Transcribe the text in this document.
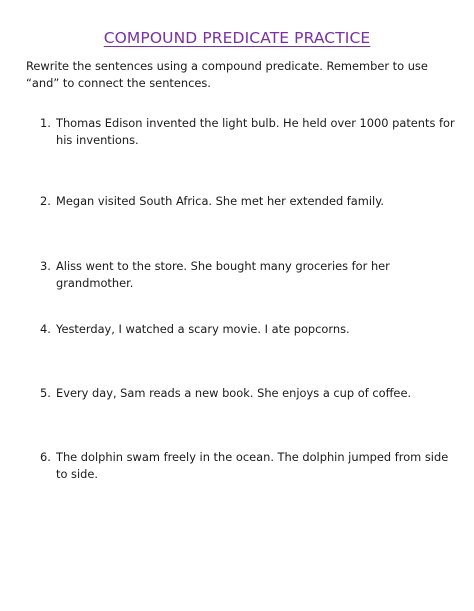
COMPOUND PREDICATE PRACTICE
Rewrite the sentences using a compound predicate. Remember to use “and” to connect the sentences.
1. Thomas Edison invented the light bulb. He held over 1000 patents for his inventions.
2. Megan visited South Africa. She met her extended family.
3. Aliss went to the store. She bought many groceries for her grandmother.
4. Yesterday, I watched a scary movie. I ate popcorns.
5. Every day, Sam reads a new book. She enjoys a cup of coffee.
6. The dolphin swam freely in the ocean. The dolphin jumped from side to side.
